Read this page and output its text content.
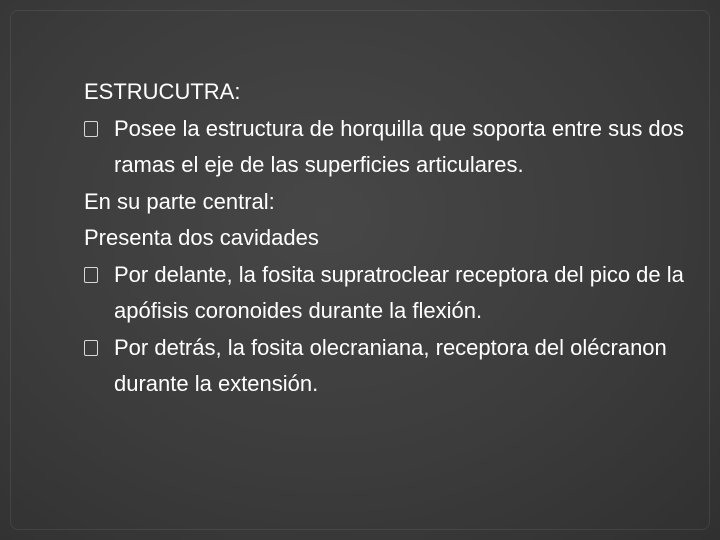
ESTRUCUTRA:

Posee la estructura de horquilla que soporta entre sus dos ramas el eje de las superficies articulares.

En su parte central:

Presenta dos cavidades

Por delante, la fosita supratroclear receptora del pico de la apófisis coronoides durante la flexión.
Por detrás, la fosita olecraniana, receptora del olécranon durante la extensión.
